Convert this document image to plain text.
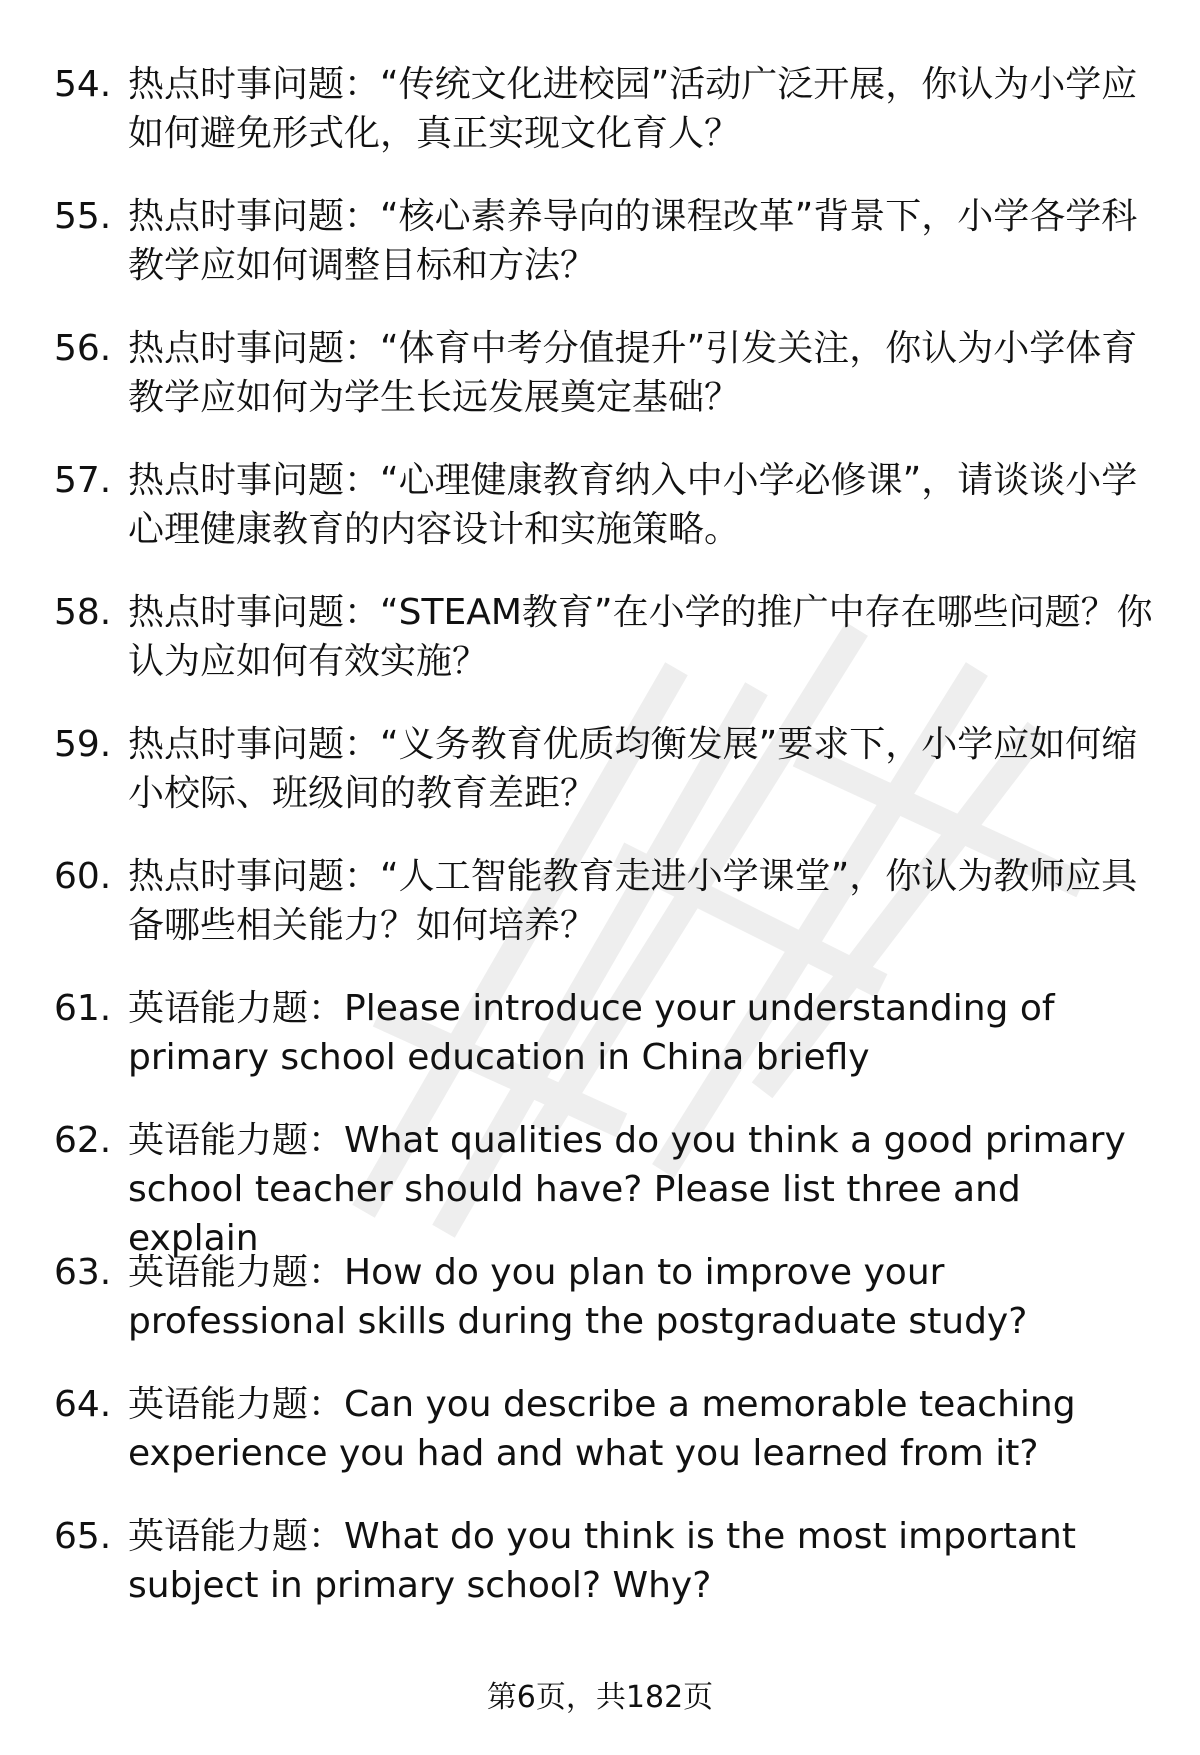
54. 热点时事问题：“传统文化进校园”活动广泛开展，你认为小学应如何避免形式化，真正实现文化育人？
55. 热点时事问题：“核心素养导向的课程改革”背景下，小学各学科教学应如何调整目标和方法？
56. 热点时事问题：“体育中考分值提升”引发关注，你认为小学体育教学应如何为学生长远发展奠定基础？
57. 热点时事问题：“心理健康教育纳入中小学必修课”，请谈谈小学心理健康教育的内容设计和实施策略。
58. 热点时事问题：“STEAM教育”在小学的推广中存在哪些问题？你认为应如何有效实施？
59. 热点时事问题：“义务教育优质均衡发展”要求下，小学应如何缩小校际、班级间的教育差距？
60. 热点时事问题：“人工智能教育走进小学课堂”，你认为教师应具备哪些相关能力？如何培养？
61. 英语能力题：Please introduce your understanding of primary school education in China briefly
62. 英语能力题：What qualities do you think a good primary school teacher should have? Please list three and explain
63. 英语能力题：How do you plan to improve your professional skills during the postgraduate study?
64. 英语能力题：Can you describe a memorable teaching experience you had and what you learned from it?
65. 英语能力题：What do you think is the most important subject in primary school? Why?
第6页，共182页
